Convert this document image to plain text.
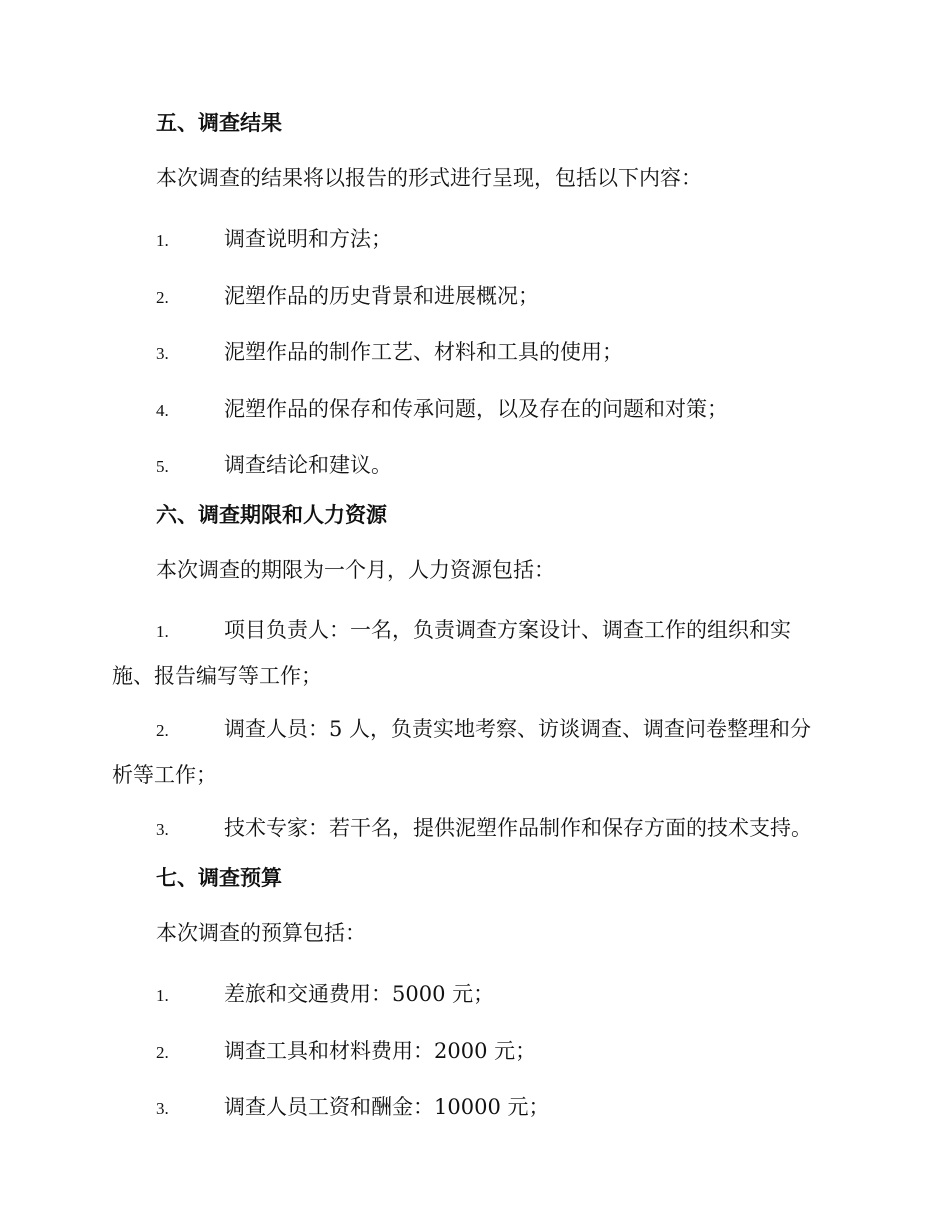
五、调查结果
本次调查的结果将以报告的形式进行呈现，包括以下内容：
1.	调查说明和方法；
2.	泥塑作品的历史背景和进展概况；
3.	泥塑作品的制作工艺、材料和工具的使用；
4.	泥塑作品的保存和传承问题，以及存在的问题和对策；
5.	调查结论和建议。
六、调查期限和人力资源
本次调查的期限为一个月，人力资源包括：
1.	项目负责人：一名，负责调查方案设计、调查工作的组织和实施、报告编写等工作；
2.	调查人员：5 人，负责实地考察、访谈调查、调查问卷整理和分析等工作；
3.	技术专家：若干名，提供泥塑作品制作和保存方面的技术支持。
七、调查预算
本次调查的预算包括：
1.	差旅和交通费用：5000 元；
2.	调查工具和材料费用：2000 元；
3.	调查人员工资和酬金：10000 元；
